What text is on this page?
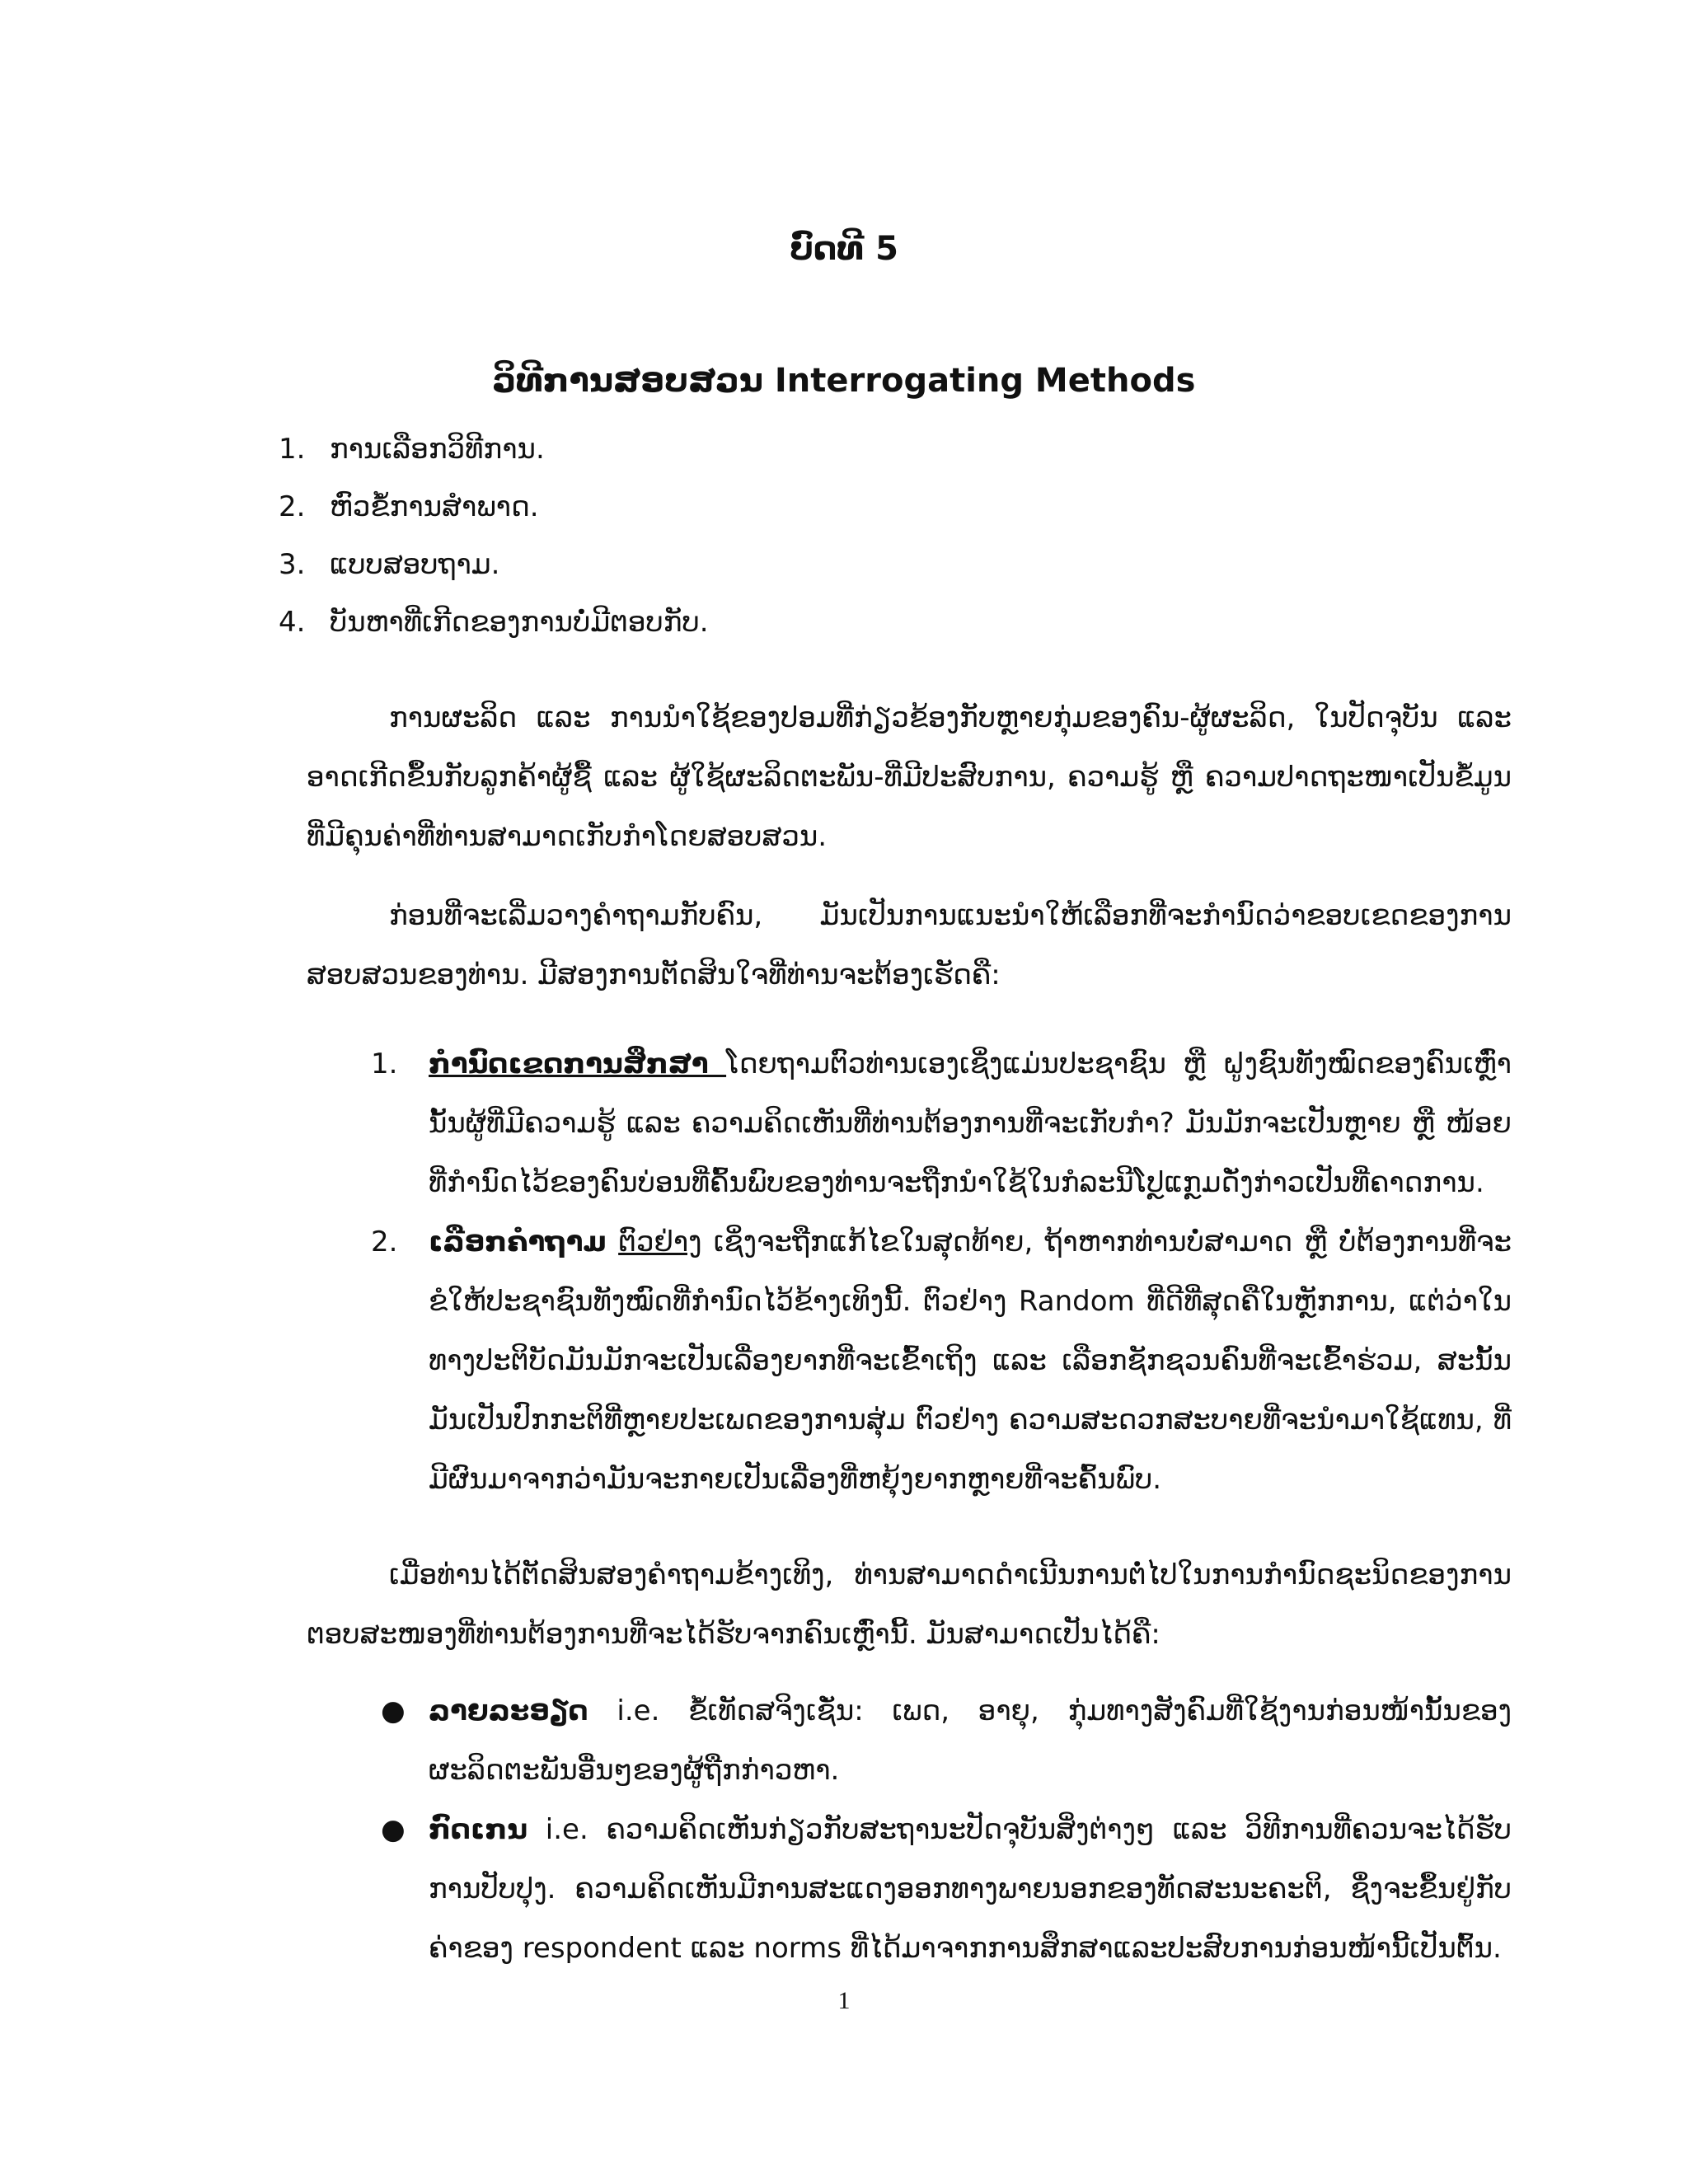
ບົດທີ 5
ວິທີການສອບສວນ Interrogating Methods
1. ການເລືອກວິທີການ.
2. ຫົວຂໍ້ການສໍາພາດ.
3. ແບບສອບຖາມ.
4. ບັນຫາທີ່ເກີດຂອງການບໍ່ມີຕອບກັບ.

ການຜະລິດ ແລະ ການນໍາໃຊ້ຂອງປອມທີ່ກ່ຽວຂ້ອງກັບຫຼາຍກຸ່ມຂອງຄົນ-ຜູ້ຜະລິດ, ໃນປັດຈຸບັນ ແລະ ອາດເກີດຂຶ້ນກັບລູກຄ້າຜູ້ຊື້ ແລະ ຜູ້ໃຊ້ຜະລິດຕະພັນ-ທີ່ມີປະສົບການ, ຄວາມຮູ້ ຫຼື ຄວາມປາດຖະໜາເປັນຂໍ້ມູນທີ່ມີຄຸນຄ່າທີ່ທ່ານສາມາດເກັບກໍາໂດຍສອບສວນ.

ກ່ອນທີ່ຈະເລີ່ມວາງຄໍາຖາມກັບຄົນ, ມັນເປັນການແນະນໍາໃຫ້ເລືອກທີ່ຈະກໍານົດວ່າຂອບເຂດຂອງການສອບສວນຂອງທ່ານ. ມີສອງການຕັດສິນໃຈທີ່ທ່ານຈະຕ້ອງເຮັດຄື:

1.	ກໍານົດເຂດການສຶກສາ ໂດຍຖາມຕົວທ່ານເອງເຊິ່ງແມ່ນປະຊາຊົນ ຫຼື ຝູງຊົນທັງໝົດຂອງຄົນເຫຼົ່ານັ້ນຜູ້ທີ່ມີຄວາມຮູ້ ແລະ ຄວາມຄິດເຫັນທີ່ທ່ານຕ້ອງການທີ່ຈະເກັບກໍາ? ມັນມັກຈະເປັນຫຼາຍ ຫຼື ໜ້ອຍທີ່ກໍານົດໄວ້ຂອງຄົນບ່ອນທີ່ຄົ້ນພົບຂອງທ່ານຈະຖືກນໍາໃຊ້ໃນກໍລະນີໂປຼແກຼມດັ່ງກ່າວເປັນທີ່ຄາດການ.
2.	ເລືອກຄໍາຖາມ ຕົວຢ່າງ ເຊິ່ງຈະຖືກແກ້ໄຂໃນສຸດທ້າຍ, ຖ້າຫາກທ່ານບໍ່ສາມາດ ຫຼື ບໍ່ຕ້ອງການທີ່ຈະຂໍໃຫ້ປະຊາຊົນທັງໝົດທີ່ກໍານົດໄວ້ຂ້າງເທິງນີ້. ຕົວຢ່າງ Random ທີ່ດີທີ່ສຸດຄືໃນຫຼັກການ, ແຕ່ວ່າໃນທາງປະຕິບັດມັນມັກຈະເປັນເລື່ອງຍາກທີ່ຈະເຂົ້າເຖິງ ແລະ ເລືອກຊັກຊວນຄົນທີ່ຈະເຂົ້າຮ່ວມ, ສະນັ້ນມັນເປັນປົກກະຕິທີ່ຫຼາຍປະເພດຂອງການສຸ່ມ ຕົວຢ່າງ ຄວາມສະດວກສະບາຍທີ່ຈະນໍາມາໃຊ້ແທນ, ທີ່ມີຜົນມາຈາກວ່າມັນຈະກາຍເປັນເລື່ອງທີ່ຫຍຸ້ງຍາກຫຼາຍທີ່ຈະຄົ້ນພົບ.

ເມື່ອທ່ານໄດ້ຕັດສິນສອງຄໍາຖາມຂ້າງເທິງ, ທ່ານສາມາດດໍາເນີນການຕໍ່ໄປໃນການກໍານົດຊະນິດຂອງການຕອບສະໜອງທີ່ທ່ານຕ້ອງການທີ່ຈະໄດ້ຮັບຈາກຄົນເຫຼົ່ານີ້. ມັນສາມາດເປັນໄດ້ຄື:

● ລາຍລະອຽດ i.e. ຂໍ້ເທັດສຈິງເຊັ່ນ: ເພດ, ອາຍຸ, ກຸ່ມທາງສັງຄົມທີ່ໃຊ້ງານກ່ອນໜ້ານັ້ນຂອງຜະລິດຕະພັນອື່ນໆຂອງຜູ້ຖືກກ່າວຫາ.
● ກົດເກນ i.e. ຄວາມຄິດເຫັນກ່ຽວກັບສະຖານະປັດຈຸບັນສິ່ງຕ່າງໆ ແລະ ວິທີການທີ່ຄວນຈະໄດ້ຮັບການປັບປຸງ. ຄວາມຄິດເຫັນມີການສະແດງອອກທາງພາຍນອກຂອງທັດສະນະຄະຕິ, ຊຶ່ງຈະຂຶ້ນຢູ່ກັບຄ່າຂອງ respondent ແລະ norms ທີ່ໄດ້ມາຈາກການສຶກສາແລະປະສົບການກ່ອນໜ້ານີ້ເປັນຕົ້ນ.
1
